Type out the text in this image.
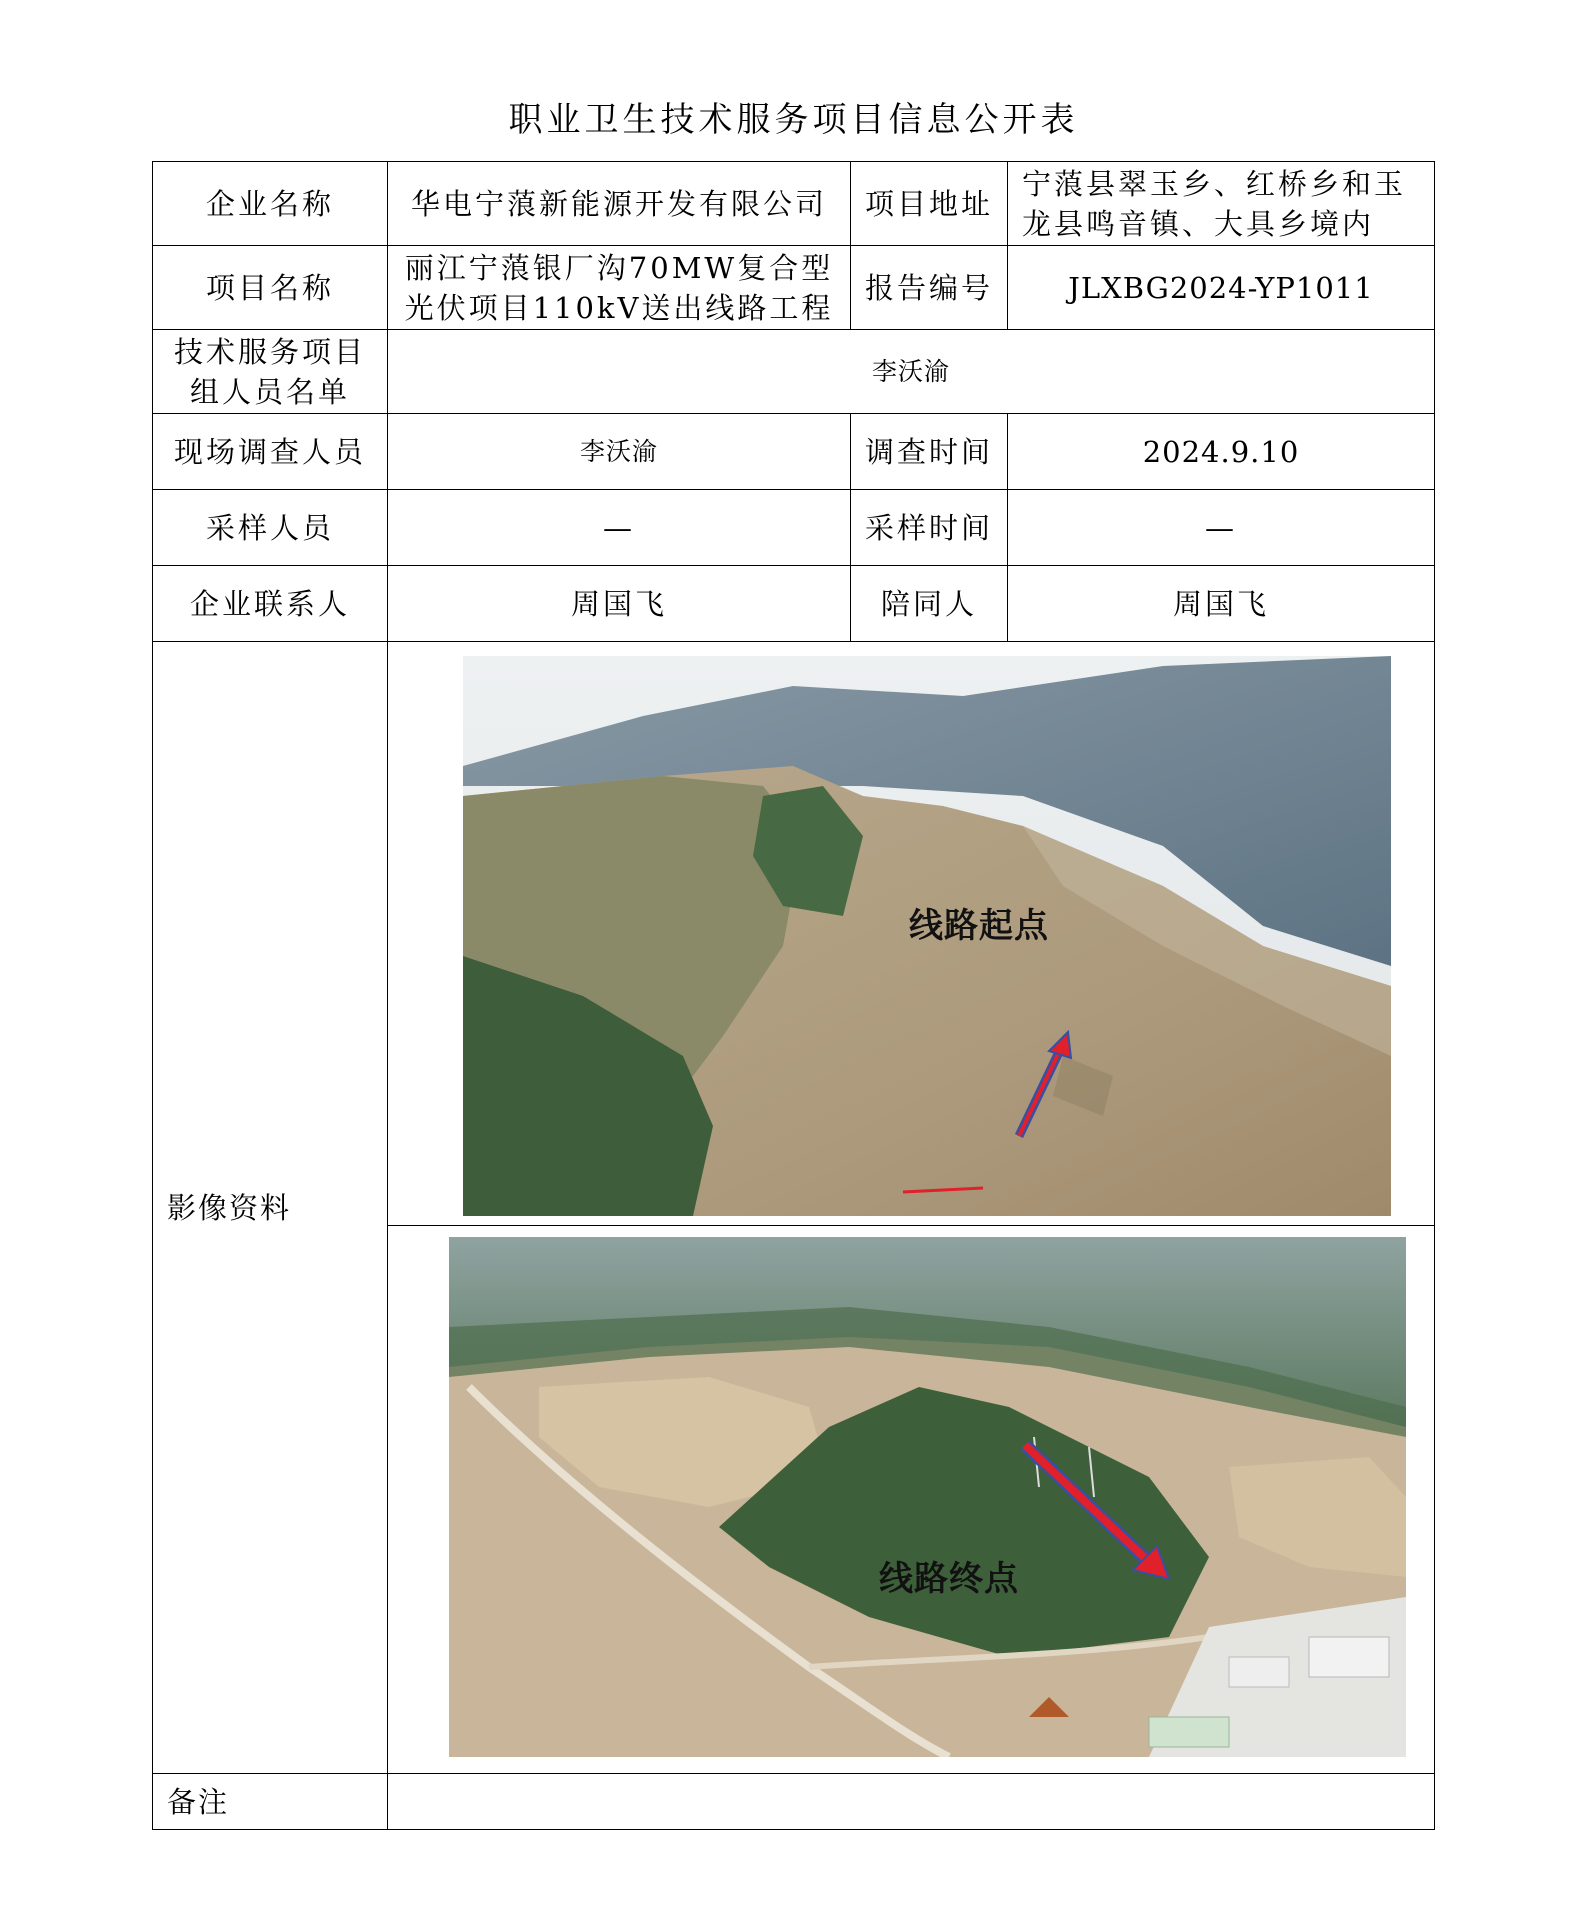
职业卫生技术服务项目信息公开表
企业名称	华电宁蒗新能源开发有限公司	项目地址	宁蒗县翠玉乡、红桥乡和玉龙县鸣音镇、大具乡境内
项目名称	丽江宁蒗银厂沟70MW复合型光伏项目110kV送出线路工程	报告编号	JLXBG2024-YP1011
技术服务项目组人员名单	李沃渝		
现场调查人员	李沃渝	调查时间	2024.9.10
采样人员	—	采样时间	—
企业联系人	周国飞	陪同人	周国飞
影像资料	线路起点
线路终点		

备注			
